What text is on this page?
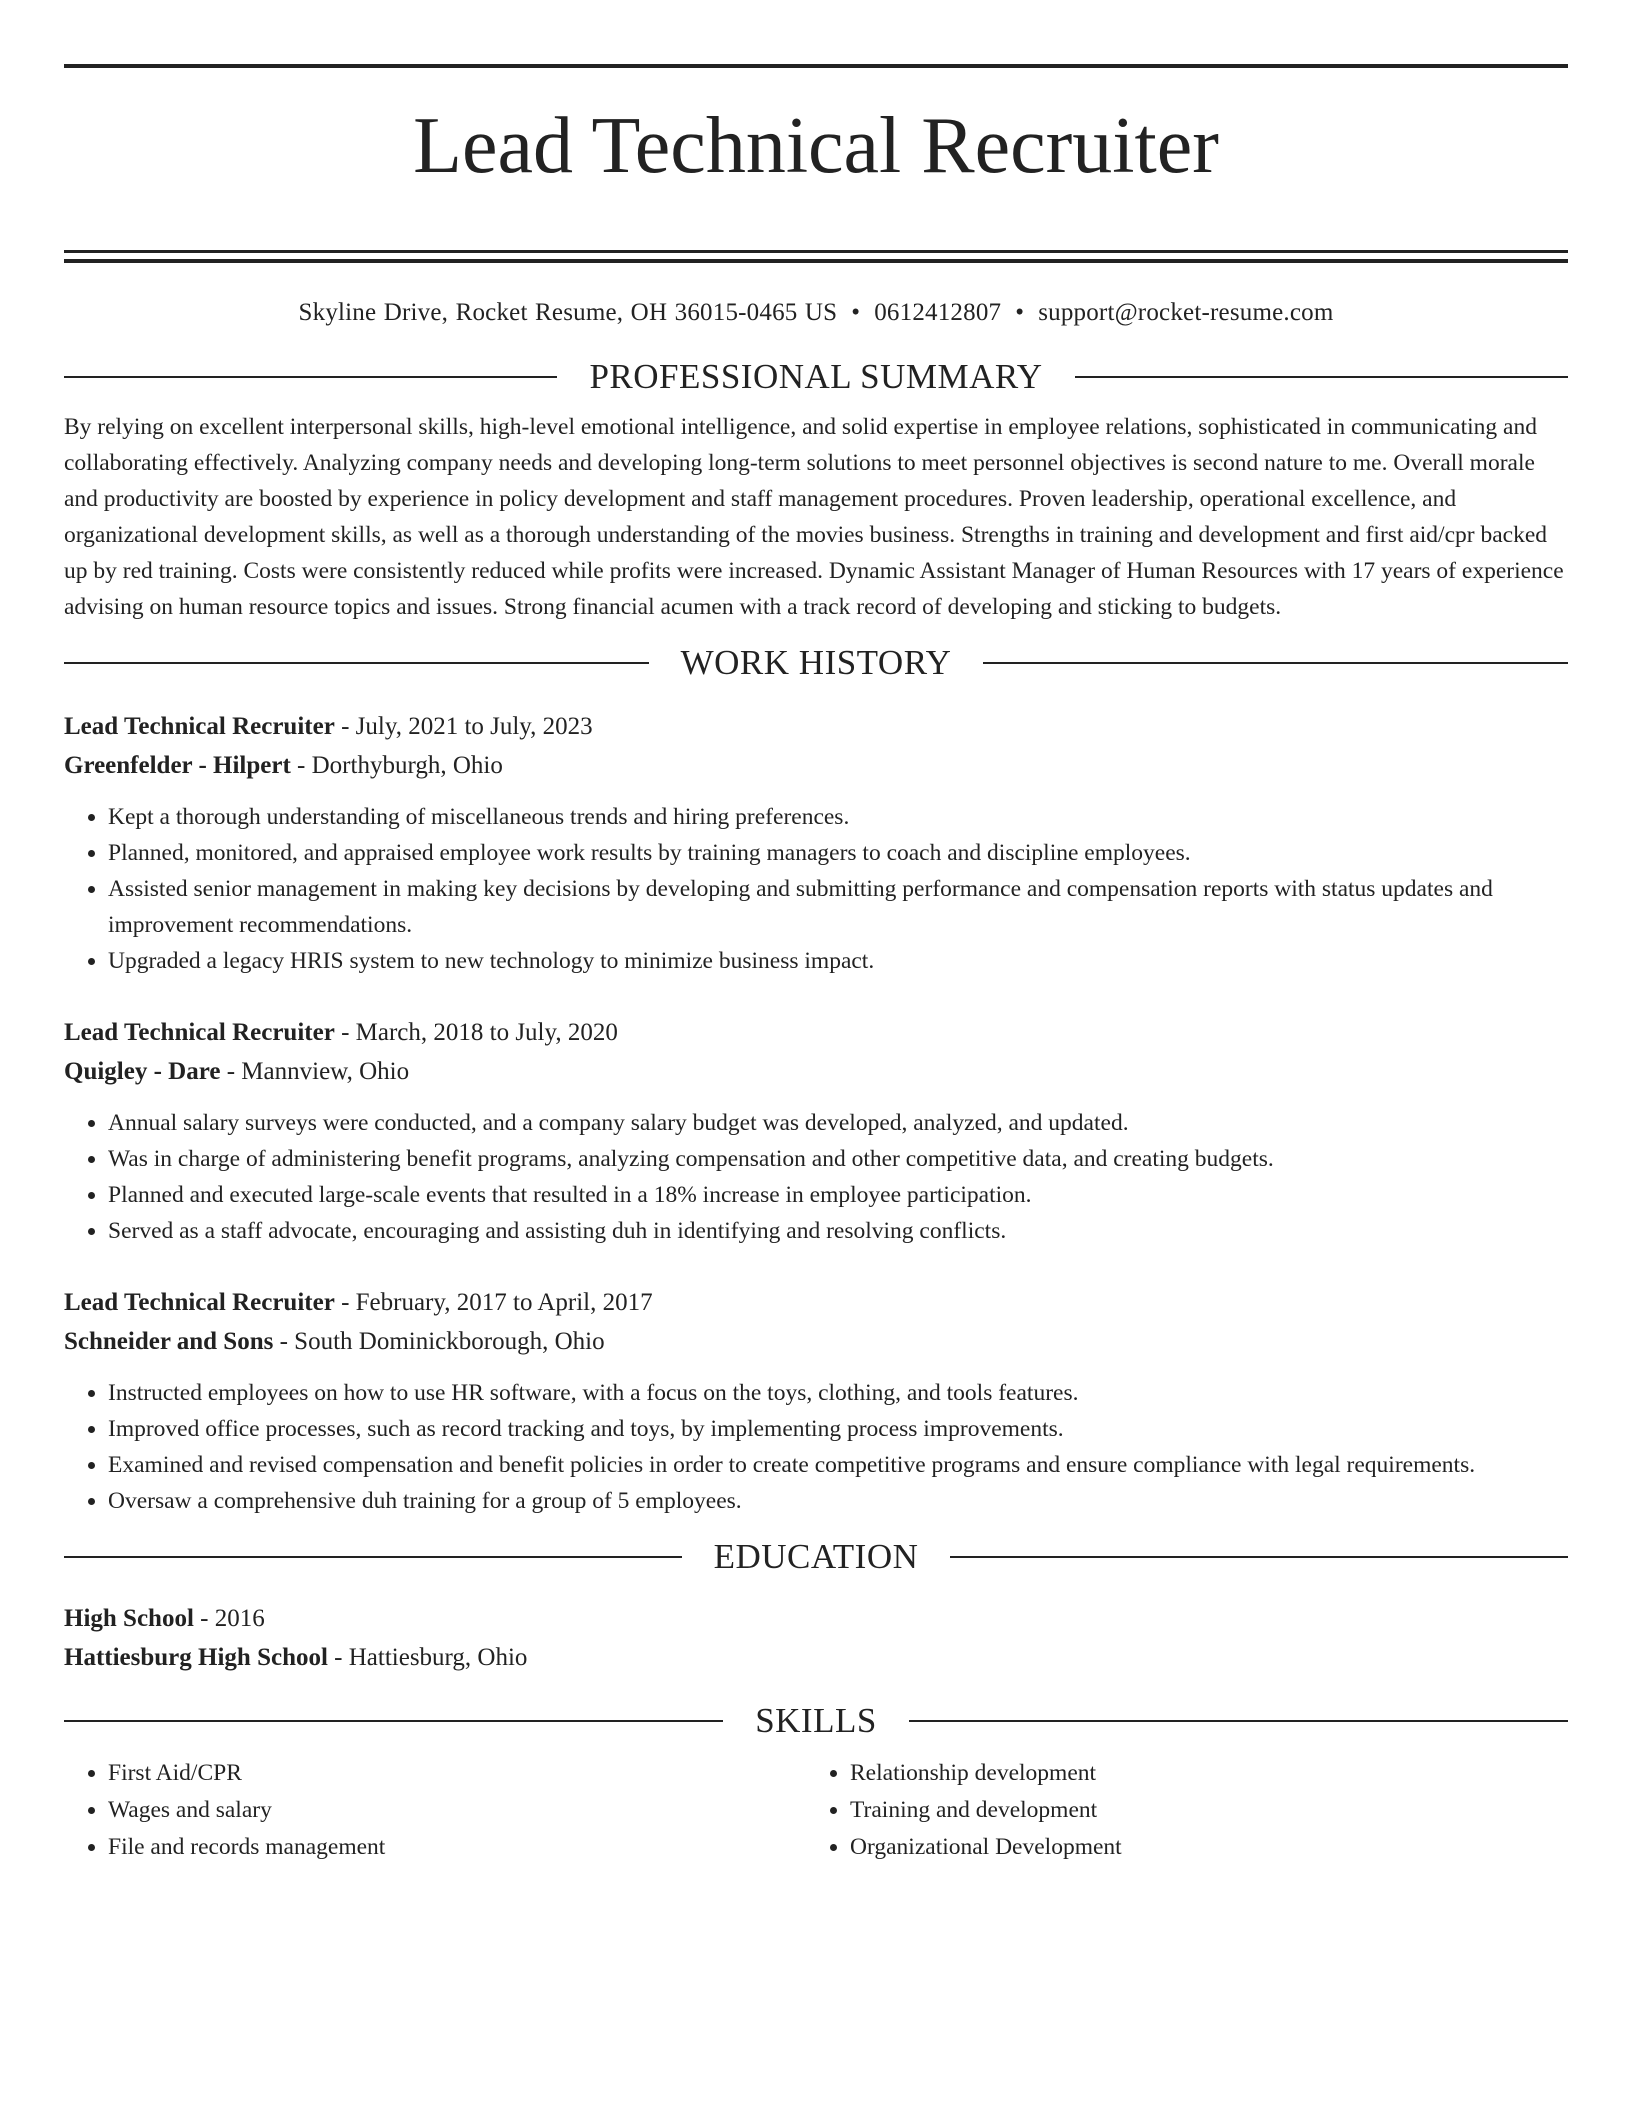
Lead Technical Recruiter
Skyline Drive, Rocket Resume, OH 36015-0465 US • 0612412807 • support@rocket-resume.com
PROFESSIONAL SUMMARY

By relying on excellent interpersonal skills, high-level emotional intelligence, and solid expertise in employee relations, sophisticated in communicating and collaborating effectively. Analyzing company needs and developing long-term solutions to meet personnel objectives is second nature to me. Overall morale and productivity are boosted by experience in policy development and staff management procedures. Proven leadership, operational excellence, and organizational development skills, as well as a thorough understanding of the movies business. Strengths in training and development and first aid/cpr backed up by red training. Costs were consistently reduced while profits were increased. Dynamic Assistant Manager of Human Resources with 17 years of experience advising on human resource topics and issues. Strong financial acumen with a track record of developing and sticking to budgets.

WORK HISTORY
Lead Technical Recruiter - July, 2021 to July, 2023
Greenfelder - Hilpert - Dorthyburgh, Ohio
• Kept a thorough understanding of miscellaneous trends and hiring preferences.
• Planned, monitored, and appraised employee work results by training managers to coach and discipline employees.
• Assisted senior management in making key decisions by developing and submitting performance and compensation reports with status updates and improvement recommendations.
• Upgraded a legacy HRIS system to new technology to minimize business impact.
Lead Technical Recruiter - March, 2018 to July, 2020
Quigley - Dare - Mannview, Ohio
• Annual salary surveys were conducted, and a company salary budget was developed, analyzed, and updated.
• Was in charge of administering benefit programs, analyzing compensation and other competitive data, and creating budgets.
• Planned and executed large-scale events that resulted in a 18% increase in employee participation.
• Served as a staff advocate, encouraging and assisting duh in identifying and resolving conflicts.
Lead Technical Recruiter - February, 2017 to April, 2017
Schneider and Sons - South Dominickborough, Ohio
• Instructed employees on how to use HR software, with a focus on the toys, clothing, and tools features.
• Improved office processes, such as record tracking and toys, by implementing process improvements.
• Examined and revised compensation and benefit policies in order to create competitive programs and ensure compliance with legal requirements.
• Oversaw a comprehensive duh training for a group of 5 employees.
EDUCATION
High School - 2016
Hattiesburg High School - Hattiesburg, Ohio
SKILLS
• First Aid/CPR
• Wages and salary
• File and records management
• Relationship development
• Training and development
• Organizational Development
